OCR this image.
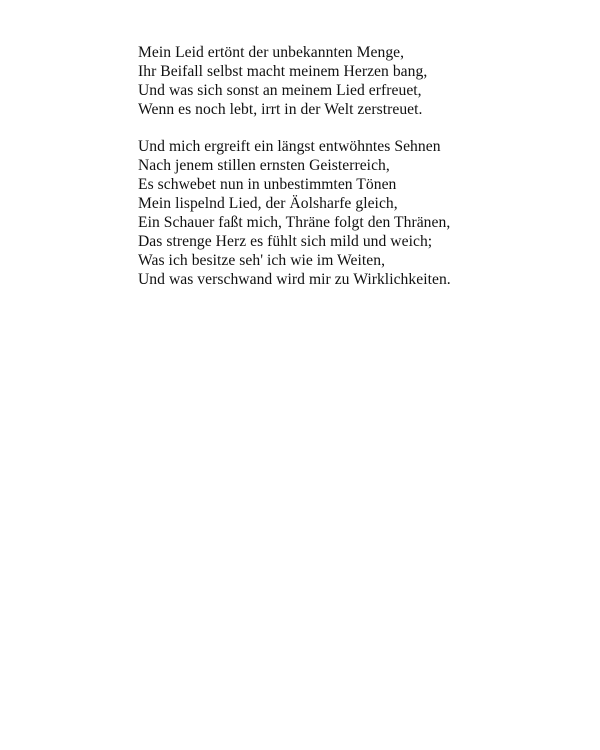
Mein Leid ertönt der unbekannten Menge,
Ihr Beifall selbst macht meinem Herzen bang,
Und was sich sonst an meinem Lied erfreuet,
Wenn es noch lebt, irrt in der Welt zerstreuet.
Und mich ergreift ein längst entwöhntes Sehnen
Nach jenem stillen ernsten Geisterreich,
Es schwebet nun in unbestimmten Tönen
Mein lispelnd Lied, der Äolsharfe gleich,
Ein Schauer faßt mich, Thräne folgt den Thränen,
Das strenge Herz es fühlt sich mild und weich;
Was ich besitze seh' ich wie im Weiten,
Und was verschwand wird mir zu Wirklichkeiten.
